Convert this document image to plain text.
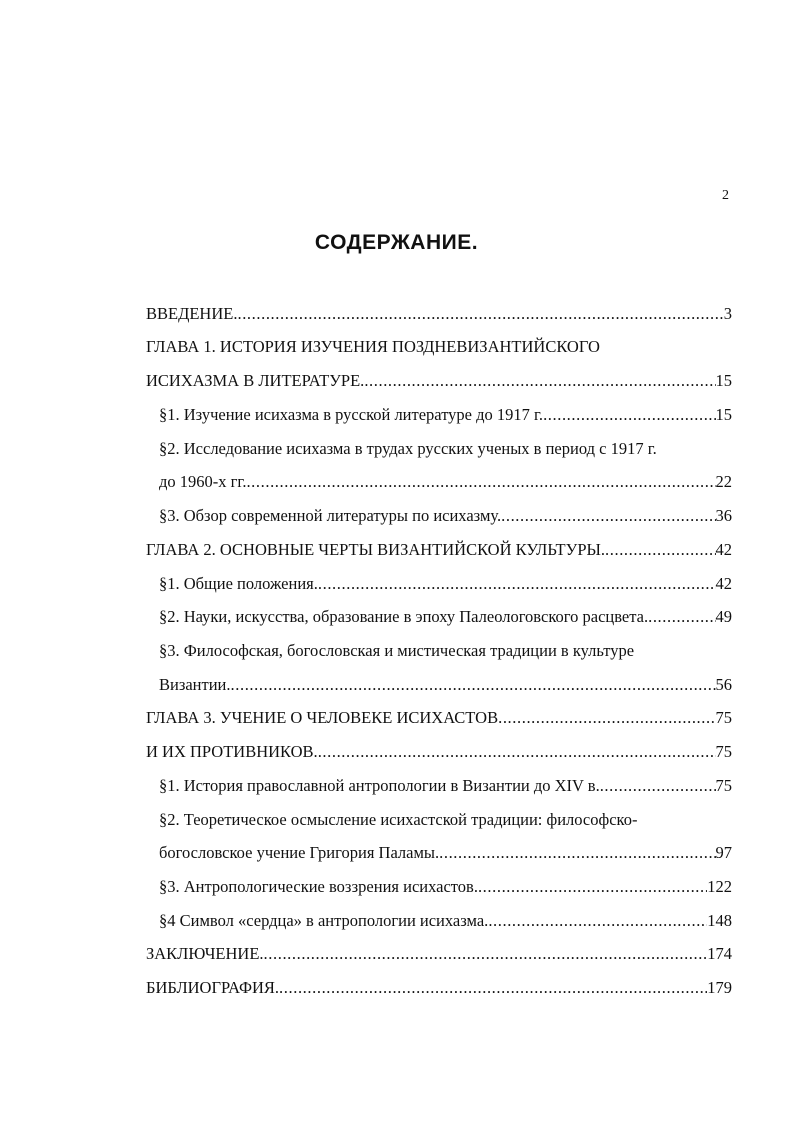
2
СОДЕРЖАНИЕ.
ВВЕДЕНИЕ. .....	3
ГЛАВА 1. ИСТОРИЯ ИЗУЧЕНИЯ ПОЗДНЕВИЗАНТИЙСКОГО
ИСИХАЗМА В ЛИТЕРАТУРЕ. .....	15
§1. Изучение исихазма в русской литературе до 1917 г. .....	15
§2. Исследование исихазма в трудах русских ученых в период с 1917 г.
до 1960-х гг. .....	22
§3. Обзор современной литературы по исихазму. .....	36
ГЛАВА 2. ОСНОВНЫЕ ЧЕРТЫ ВИЗАНТИЙСКОЙ КУЛЬТУРЫ. .....	42
§1. Общие положения. .....	42
§2. Науки, искусства, образование в эпоху Палеологовского расцвета. .....	49
§3. Философская, богословская и мистическая традиции в культуре
Византии. .....	56
ГЛАВА 3. УЧЕНИЕ О ЧЕЛОВЕКЕ ИСИХАСТОВ .....	75
И ИХ ПРОТИВНИКОВ. .....	75
§1. История православной антропологии в Византии до XIV в. .....	75
§2. Теоретическое осмысление исихастской традиции: философско-
богословское учение Григория Паламы. .....	97
§3. Антропологические воззрения исихастов. .....	122
§4 Символ «сердца» в антропологии исихазма. .....	148
ЗАКЛЮЧЕНИЕ. .....	174
БИБЛИОГРАФИЯ. .....	179
